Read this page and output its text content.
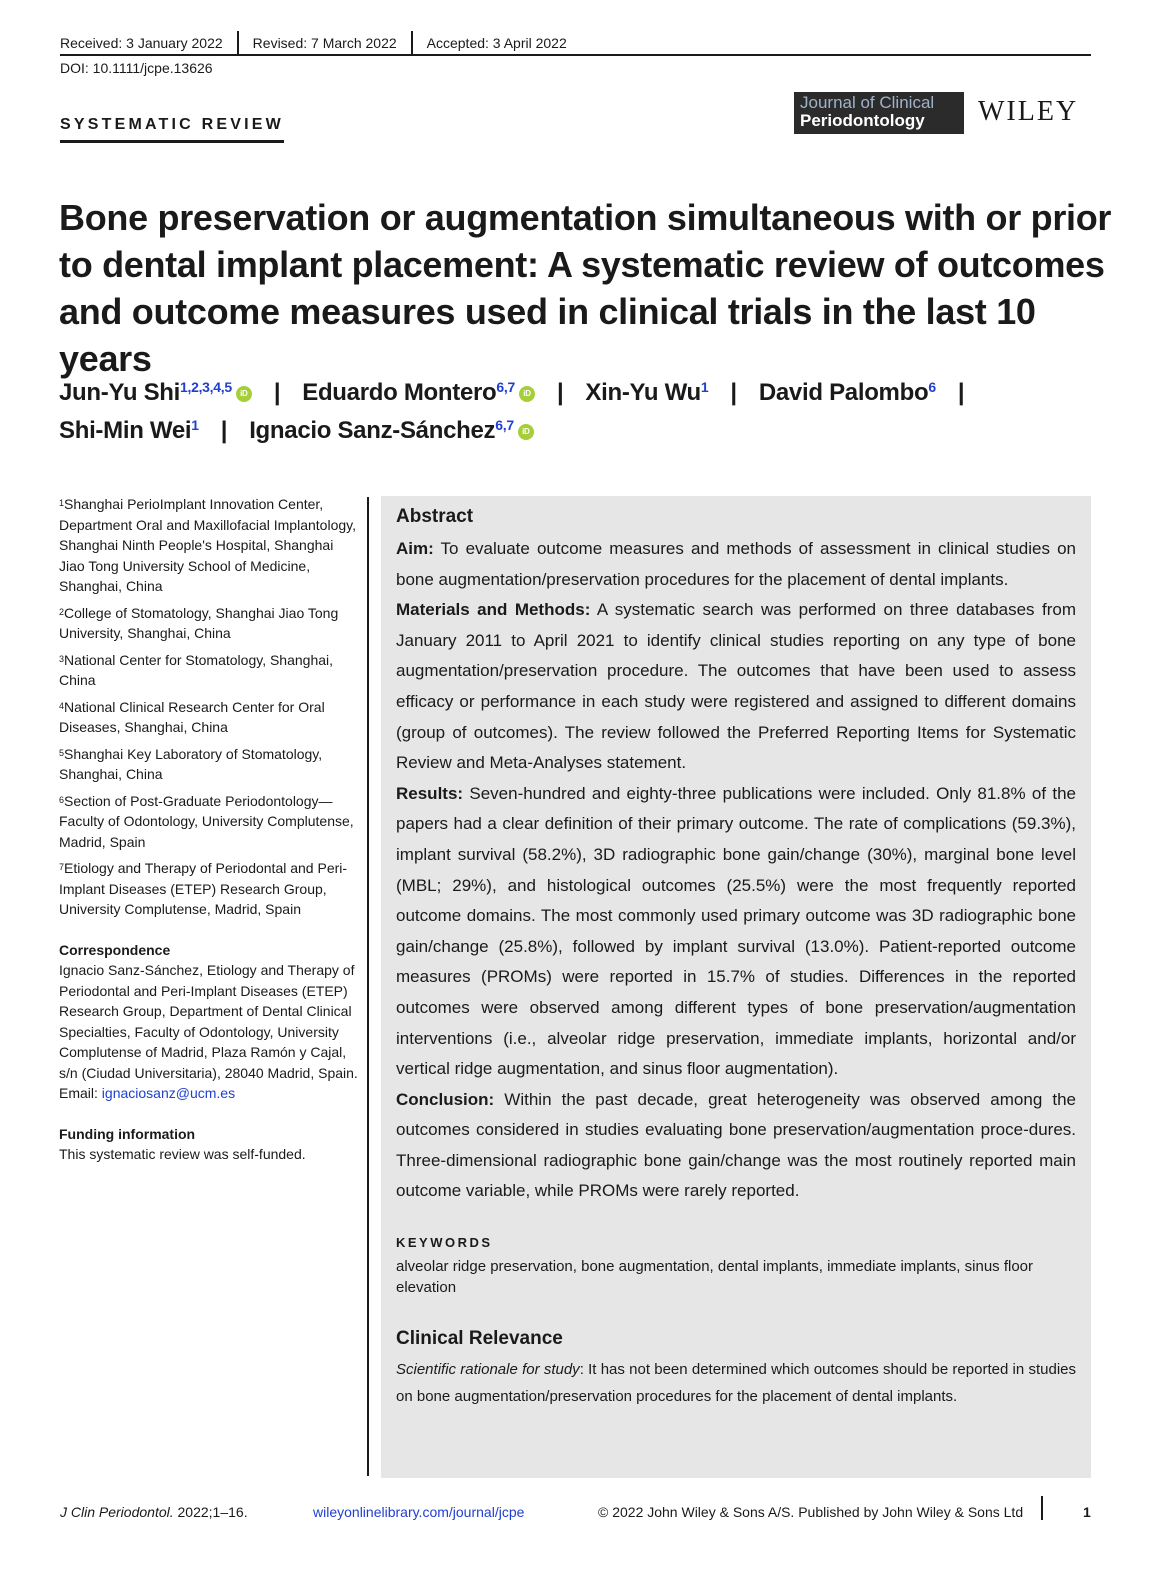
Received: 3 January 2022	Revised: 7 March 2022	Accepted: 3 April 2022
DOI: 10.1111/jcpe.13626
SYSTEMATIC REVIEW
Journal of Clinical
Periodontology	WILEY
Bone preservation or augmentation simultaneous with or prior to dental implant placement: A systematic review of outcomes and outcome measures used in clinical trials in the last 10 years
Jun-Yu Shi$^{1,2,3,4,5}$ iD | Eduardo Montero$^{6,7}$ iD | Xin-Yu Wu$^1$ | David Palombo$^6$ |
Shi-Min Wei$^1$ | Ignacio Sanz-Sánchez$^{6,7}$ iD

$^1$Shanghai PerioImplant Innovation Center, Department Oral and Maxillofacial Implantology, Shanghai Ninth People's Hospital, Shanghai Jiao Tong University School of Medicine, Shanghai, China

$^2$College of Stomatology, Shanghai Jiao Tong University, Shanghai, China

$^3$National Center for Stomatology, Shanghai, China

$^4$National Clinical Research Center for Oral Diseases, Shanghai, China

$^5$Shanghai Key Laboratory of Stomatology, Shanghai, China

$^6$Section of Post-Graduate Periodontology—Faculty of Odontology, University Complutense, Madrid, Spain

$^7$Etiology and Therapy of Periodontal and Peri-Implant Diseases (ETEP) Research Group, University Complutense, Madrid, Spain

Correspondence

Ignacio Sanz-Sánchez, Etiology and Therapy of Periodontal and Peri-Implant Diseases (ETEP) Research Group, Department of Dental Clinical Specialties, Faculty of Odontology, University Complutense of Madrid, Plaza Ramón y Cajal, s/n (Ciudad Universitaria), 28040 Madrid, Spain.
Email: ignaciosanz@ucm.es

Funding information

This systematic review was self-funded.

Abstract

Aim: To evaluate outcome measures and methods of assessment in clinical studies on bone augmentation/preservation procedures for the placement of dental implants.

Materials and Methods: A systematic search was performed on three databases from January 2011 to April 2021 to identify clinical studies reporting on any type of bone augmentation/preservation procedure. The outcomes that have been used to assess efficacy or performance in each study were registered and assigned to different domains (group of outcomes). The review followed the Preferred Reporting Items for Systematic Review and Meta-Analyses statement.

Results: Seven-hundred and eighty-three publications were included. Only 81.8% of the papers had a clear definition of their primary outcome. The rate of complications (59.3%), implant survival (58.2%), 3D radiographic bone gain/change (30%), marginal bone level (MBL; 29%), and histological outcomes (25.5%) were the most frequently reported outcome domains. The most commonly used primary outcome was 3D radiographic bone gain/change (25.8%), followed by implant survival (13.0%). Patient-reported outcome measures (PROMs) were reported in 15.7% of studies. Differences in the reported outcomes were observed among different types of bone preservation/augmentation interventions (i.e., alveolar ridge preservation, immediate implants, horizontal and/or vertical ridge augmentation, and sinus floor augmentation).

Conclusion: Within the past decade, great heterogeneity was observed among the outcomes considered in studies evaluating bone preservation/augmentation proce-dures. Three-dimensional radiographic bone gain/change was the most routinely reported main outcome variable, while PROMs were rarely reported.

KEYWORDS
alveolar ridge preservation, bone augmentation, dental implants, immediate implants, sinus floor elevation
Clinical Relevance

Scientific rationale for study: It has not been determined which outcomes should be reported in studies on bone augmentation/preservation procedures for the placement of dental implants.

J Clin Periodontol. 2022;1–16.	wileyonlinelibrary.com/journal/jcpe	© 2022 John Wiley & Sons A/S. Published by John Wiley & Sons Ltd	1
